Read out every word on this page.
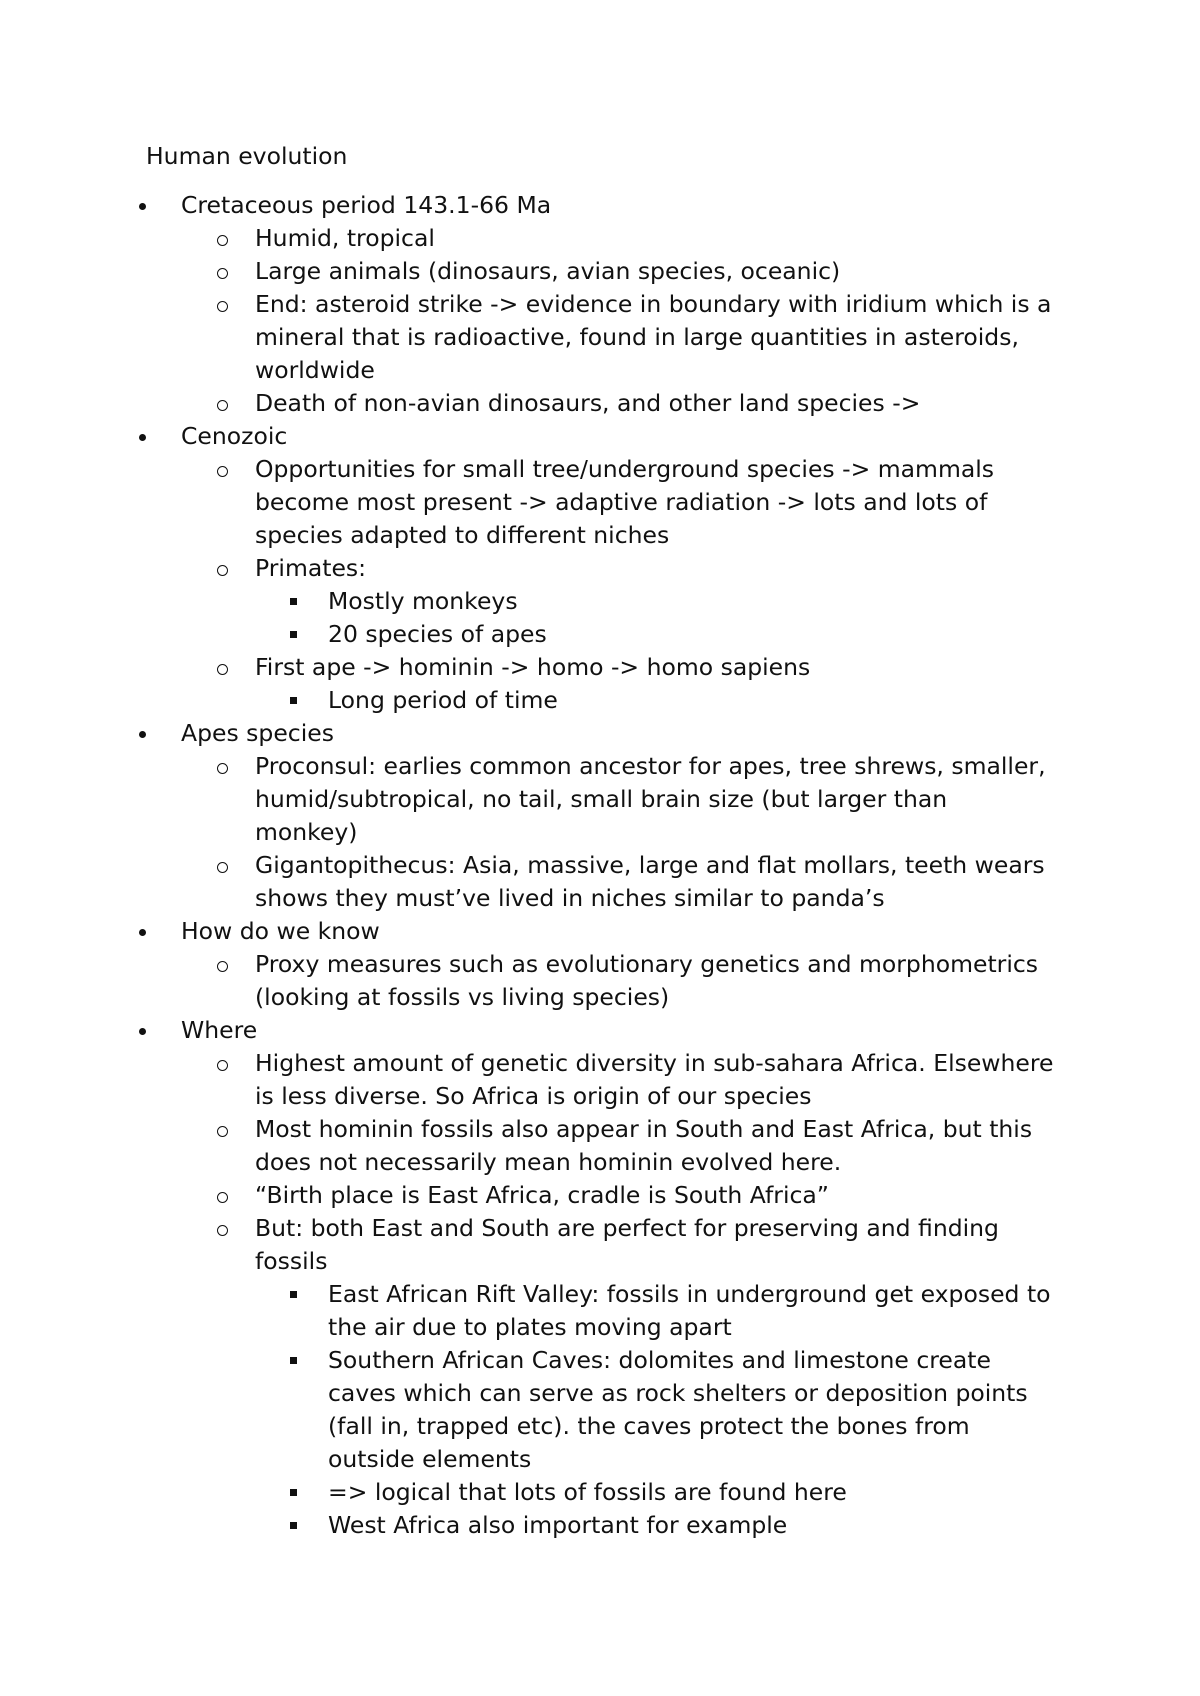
Human evolution
Cretaceous period 143.1-66 Ma
Humid, tropical
Large animals (dinosaurs, avian species, oceanic)
End: asteroid strike -> evidence in boundary with iridium which is a mineral that is radioactive, found in large quantities in asteroids, worldwide
Death of non-avian dinosaurs, and other land species ->
Cenozoic
Opportunities for small tree/underground species -> mammals become most present -> adaptive radiation -> lots and lots of species adapted to different niches
Primates:
Mostly monkeys
20 species of apes
First ape -> hominin -> homo -> homo sapiens
Long period of time
Apes species
Proconsul: earlies common ancestor for apes, tree shrews, smaller, humid/subtropical, no tail, small brain size (but larger than monkey)
Gigantopithecus: Asia, massive, large and flat mollars, teeth wears shows they must’ve lived in niches similar to panda’s
How do we know
Proxy measures such as evolutionary genetics and morphometrics (looking at fossils vs living species)
Where
Highest amount of genetic diversity in sub-sahara Africa. Elsewhere is less diverse. So Africa is origin of our species
Most hominin fossils also appear in South and East Africa, but this does not necessarily mean hominin evolved here.
“Birth place is East Africa, cradle is South Africa”
But: both East and South are perfect for preserving and finding fossils
East African Rift Valley: fossils in underground get exposed to the air due to plates moving apart
Southern African Caves: dolomites and limestone create caves which can serve as rock shelters or deposition points (fall in, trapped etc). the caves protect the bones from outside elements
=> logical that lots of fossils are found here
West Africa also important for example
